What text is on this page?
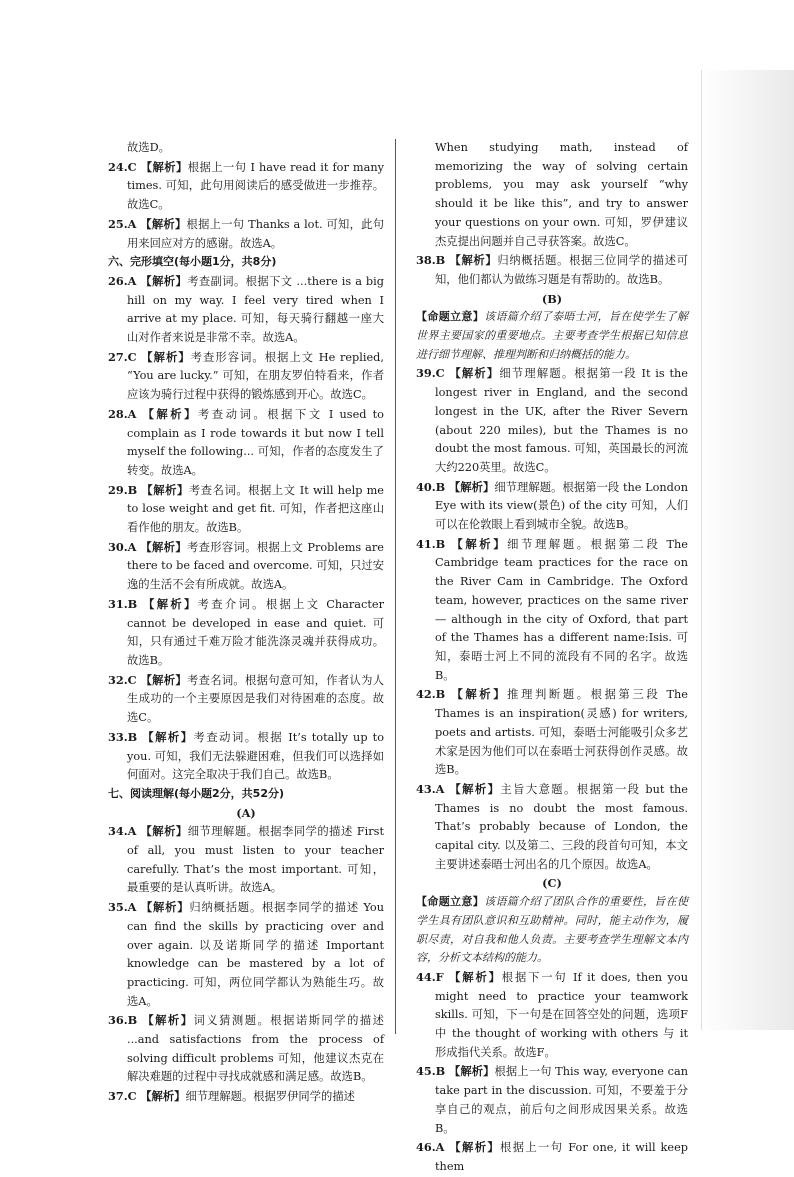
故选D。

24.C 【解析】根据上一句 I have read it for many times. 可知，此句用阅读后的感受做进一步推荐。故选C。

25.A 【解析】根据上一句 Thanks a lot. 可知，此句用来回应对方的感谢。故选A。

六、完形填空(每小题1分，共8分)

26.A 【解析】考查副词。根据下文 ...there is a big hill on my way. I feel very tired when I arrive at my place. 可知，每天骑行翻越一座大山对作者来说是非常不幸。故选A。

27.C 【解析】考查形容词。根据上文 He replied, “You are lucky.” 可知，在朋友罗伯特看来，作者应该为骑行过程中获得的锻炼感到开心。故选C。

28.A 【解析】考查动词。根据下文 I used to complain as I rode towards it but now I tell myself the following... 可知，作者的态度发生了转变。故选A。

29.B 【解析】考查名词。根据上文 It will help me to lose weight and get fit. 可知，作者把这座山看作他的朋友。故选B。

30.A 【解析】考查形容词。根据上文 Problems are there to be faced and overcome. 可知，只过安逸的生活不会有所成就。故选A。

31.B 【解析】考查介词。根据上文 Character cannot be developed in ease and quiet. 可知，只有通过千难万险才能洗涤灵魂并获得成功。故选B。

32.C 【解析】考查名词。根据句意可知，作者认为人生成功的一个主要原因是我们对待困难的态度。故选C。

33.B 【解析】考查动词。根据 It’s totally up to you. 可知，我们无法躲避困难，但我们可以选择如何面对。这完全取决于我们自己。故选B。

七、阅读理解(每小题2分，共52分)

(A)

34.A 【解析】细节理解题。根据李同学的描述 First of all, you must listen to your teacher carefully. That’s the most important. 可知，最重要的是认真听讲。故选A。

35.A 【解析】归纳概括题。根据李同学的描述 You can find the skills by practicing over and over again. 以及诺斯同学的描述 Important knowledge can be mastered by a lot of practicing. 可知，两位同学都认为熟能生巧。故选A。

36.B 【解析】词义猜测题。根据诺斯同学的描述 ...and satisfactions from the process of solving difficult problems 可知，他建议杰克在解决难题的过程中寻找成就感和满足感。故选B。

37.C 【解析】细节理解题。根据罗伊同学的描述

When studying math, instead of memorizing the way of solving certain problems, you may ask yourself “why should it be like this”, and try to answer your questions on your own. 可知，罗伊建议杰克提出问题并自己寻获答案。故选C。

38.B 【解析】归纳概括题。根据三位同学的描述可知，他们都认为做练习题是有帮助的。故选B。

(B)

【命题立意】该语篇介绍了泰晤士河，旨在使学生了解世界主要国家的重要地点。主要考查学生根据已知信息进行细节理解、推理判断和归纳概括的能力。

39.C 【解析】细节理解题。根据第一段 It is the longest river in England, and the second longest in the UK, after the River Severn (about 220 miles), but the Thames is no doubt the most famous. 可知，英国最长的河流大约220英里。故选C。

40.B 【解析】细节理解题。根据第一段 the London Eye with its view(景色) of the city 可知，人们可以在伦敦眼上看到城市全貌。故选B。

41.B 【解析】细节理解题。根据第二段 The Cambridge team practices for the race on the River Cam in Cambridge. The Oxford team, however, practices on the same river — although in the city of Oxford, that part of the Thames has a different name:Isis. 可知，泰晤士河上不同的流段有不同的名字。故选B。

42.B 【解析】推理判断题。根据第三段 The Thames is an inspiration(灵感) for writers, poets and artists. 可知，泰晤士河能吸引众多艺术家是因为他们可以在泰晤士河获得创作灵感。故选B。

43.A 【解析】主旨大意题。根据第一段 but the Thames is no doubt the most famous. That’s probably because of London, the capital city. 以及第二、三段的段首句可知，本文主要讲述泰晤士河出名的几个原因。故选A。

(C)

【命题立意】该语篇介绍了团队合作的重要性，旨在使学生具有团队意识和互助精神。同时，能主动作为，履职尽责，对自我和他人负责。主要考查学生理解文本内容，分析文本结构的能力。

44.F 【解析】根据下一句 If it does, then you might need to practice your teamwork skills. 可知，下一句是在回答空处的问题，选项F中 the thought of working with others 与 it 形成指代关系。故选F。

45.B 【解析】根据上一句 This way, everyone can take part in the discussion. 可知，不要羞于分享自己的观点，前后句之间形成因果关系。故选B。

46.A 【解析】根据上一句 For one, it will keep them
